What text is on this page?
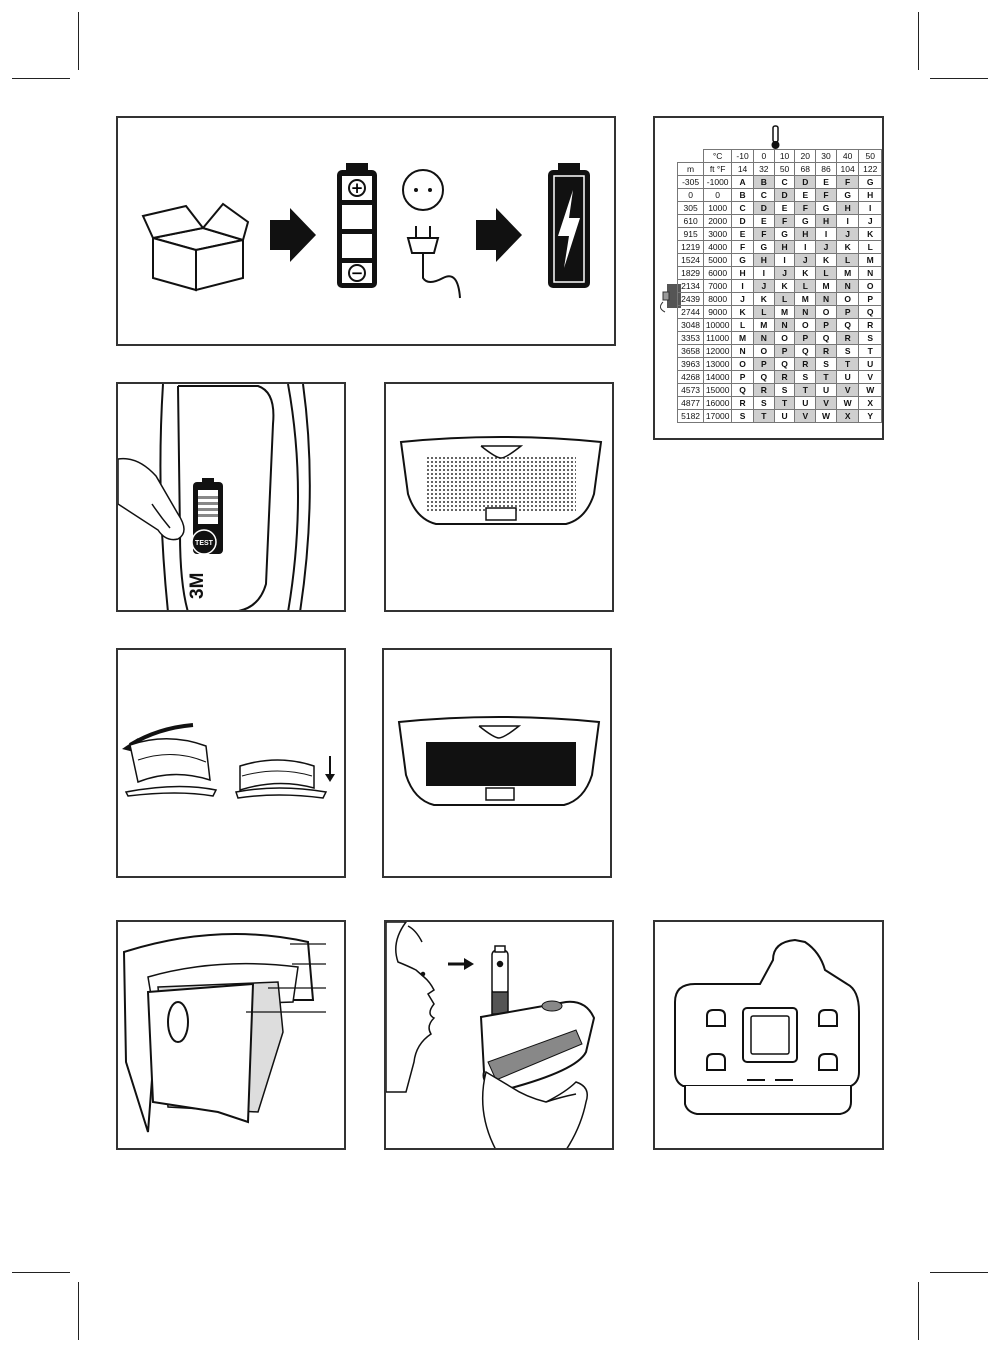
+
−
	°C	-10	0	10	20	30	40	50
m	ft °F	14	32	50	68	86	104	122
-305	-1000	A	B	C	D	E	F	G
0	0	B	C	D	E	F	G	H
305	1000	C	D	E	F	G	H	I
610	2000	D	E	F	G	H	I	J
915	3000	E	F	G	H	I	J	K
1219	4000	F	G	H	I	J	K	L
1524	5000	G	H	I	J	K	L	M
1829	6000	H	I	J	K	L	M	N
2134	7000	I	J	K	L	M	N	O
2439	8000	J	K	L	M	N	O	P
2744	9000	K	L	M	N	O	P	Q
3048	10000	L	M	N	O	P	Q	R
3353	11000	M	N	O	P	Q	R	S
3658	12000	N	O	P	Q	R	S	T
3963	13000	O	P	Q	R	S	T	U
4268	14000	P	Q	R	S	T	U	V
4573	15000	Q	R	S	T	U	V	W
4877	16000	R	S	T	U	V	W	X
5182	17000	S	T	U	V	W	X	Y
TEST
3M
